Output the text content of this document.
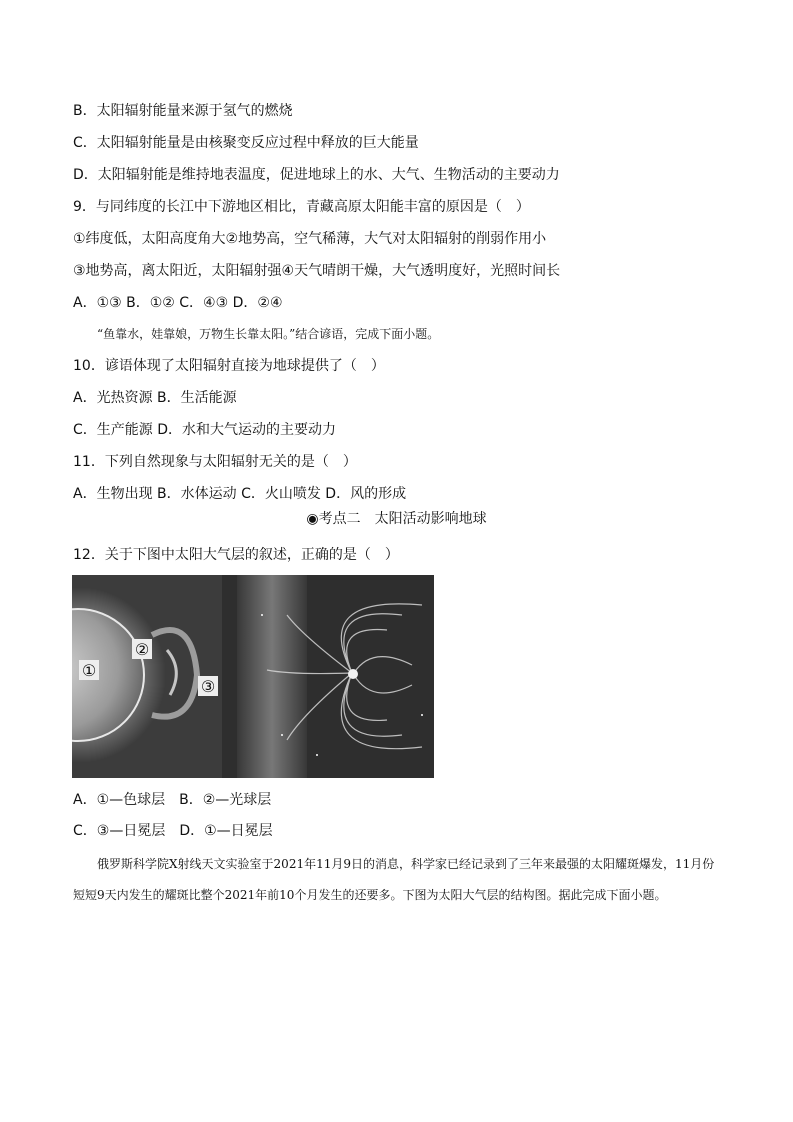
B．太阳辐射能量来源于氢气的燃烧
C．太阳辐射能量是由核聚变反应过程中释放的巨大能量
D．太阳辐射能是维持地表温度，促进地球上的水、大气、生物活动的主要动力
9．与同纬度的长江中下游地区相比，青藏高原太阳能丰富的原因是（　）
①纬度低，太阳高度角大②地势高，空气稀薄，大气对太阳辐射的削弱作用小
③地势高，离太阳近，太阳辐射强④天气晴朗干燥，大气透明度好，光照时间长
A．①③ B．①② C．④③ D．②④
“鱼靠水，娃靠娘，万物生长靠太阳。”结合谚语，完成下面小题。
10．谚语体现了太阳辐射直接为地球提供了（　）
A．光热资源 B．生活能源
C．生产能源 D．水和大气运动的主要动力
11．下列自然现象与太阳辐射无关的是（　）
A．生物出现 B．水体运动 C．火山喷发 D．风的形成
◉考点二　太阳活动影响地球
12．关于下图中太阳大气层的叙述，正确的是（　）
①
②
③
A．①—色球层　B．②—光球层
C．③—日冕层　D．①—日冕层
俄罗斯科学院X射线天文实验室于2021年11月9日的消息，科学家已经记录到了三年来最强的太阳耀斑爆发，11月份短短9天内发生的耀斑比整个2021年前10个月发生的还要多。下图为太阳大气层的结构图。据此完成下面小题。
